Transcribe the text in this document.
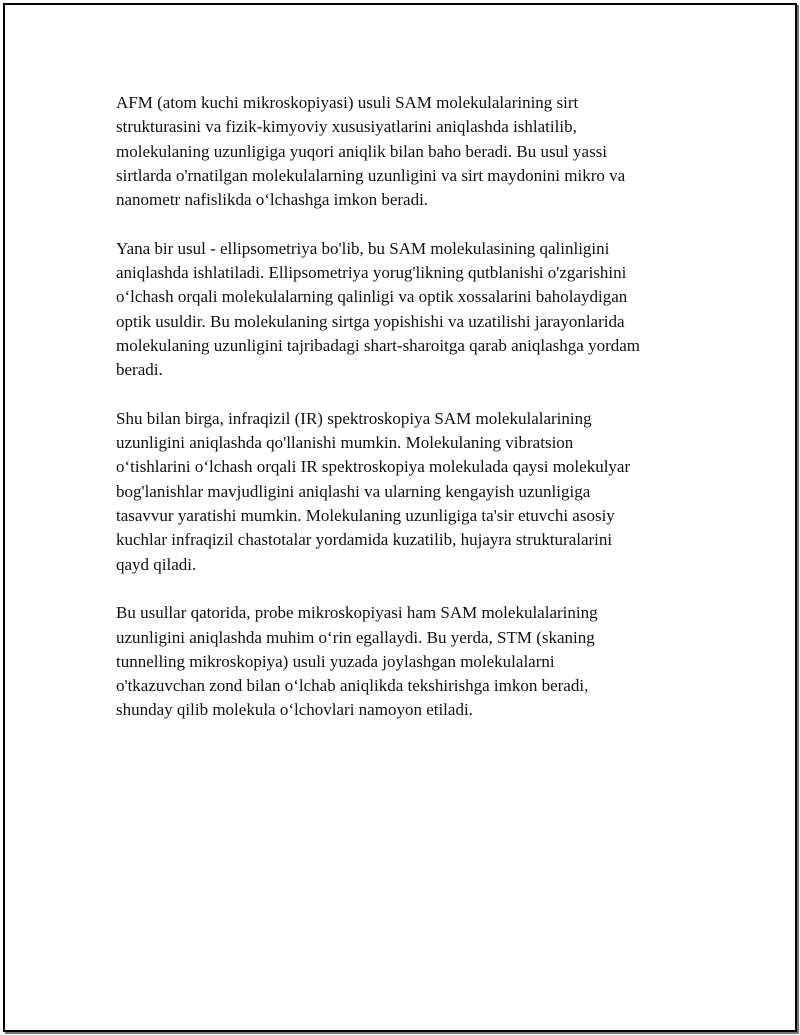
AFM (atom kuchi mikroskopiyasi) usuli SAM molekulalarining sirt
strukturasini va fizik-kimyoviy xususiyatlarini aniqlashda ishlatilib,
molekulaning uzunligiga yuqori aniqlik bilan baho beradi. Bu usul yassi
sirtlarda o'rnatilgan molekulalarning uzunligini va sirt maydonini mikro va
nanometr nafislikda o‘lchashga imkon beradi.

Yana bir usul - ellipsometriya bo'lib, bu SAM molekulasining qalinligini
aniqlashda ishlatiladi. Ellipsometriya yorug'likning qutblanishi o'zgarishini
o‘lchash orqali molekulalarning qalinligi va optik xossalarini baholaydigan
optik usuldir. Bu molekulaning sirtga yopishishi va uzatilishi jarayonlarida
molekulaning uzunligini tajribadagi shart-sharoitga qarab aniqlashga yordam
beradi.

Shu bilan birga, infraqizil (IR) spektroskopiya SAM molekulalarining
uzunligini aniqlashda qo'llanishi mumkin. Molekulaning vibratsion
o‘tishlarini o‘lchash orqali IR spektroskopiya molekulada qaysi molekulyar
bog'lanishlar mavjudligini aniqlashi va ularning kengayish uzunligiga
tasavvur yaratishi mumkin. Molekulaning uzunligiga ta'sir etuvchi asosiy
kuchlar infraqizil chastotalar yordamida kuzatilib, hujayra strukturalarini
qayd qiladi.

Bu usullar qatorida, probe mikroskopiyasi ham SAM molekulalarining
uzunligini aniqlashda muhim o‘rin egallaydi. Bu yerda, STM (skaning
tunnelling mikroskopiya) usuli yuzada joylashgan molekulalarni
o'tkazuvchan zond bilan o‘lchab aniqlikda tekshirishga imkon beradi,
shunday qilib molekula o‘lchovlari namoyon etiladi.
